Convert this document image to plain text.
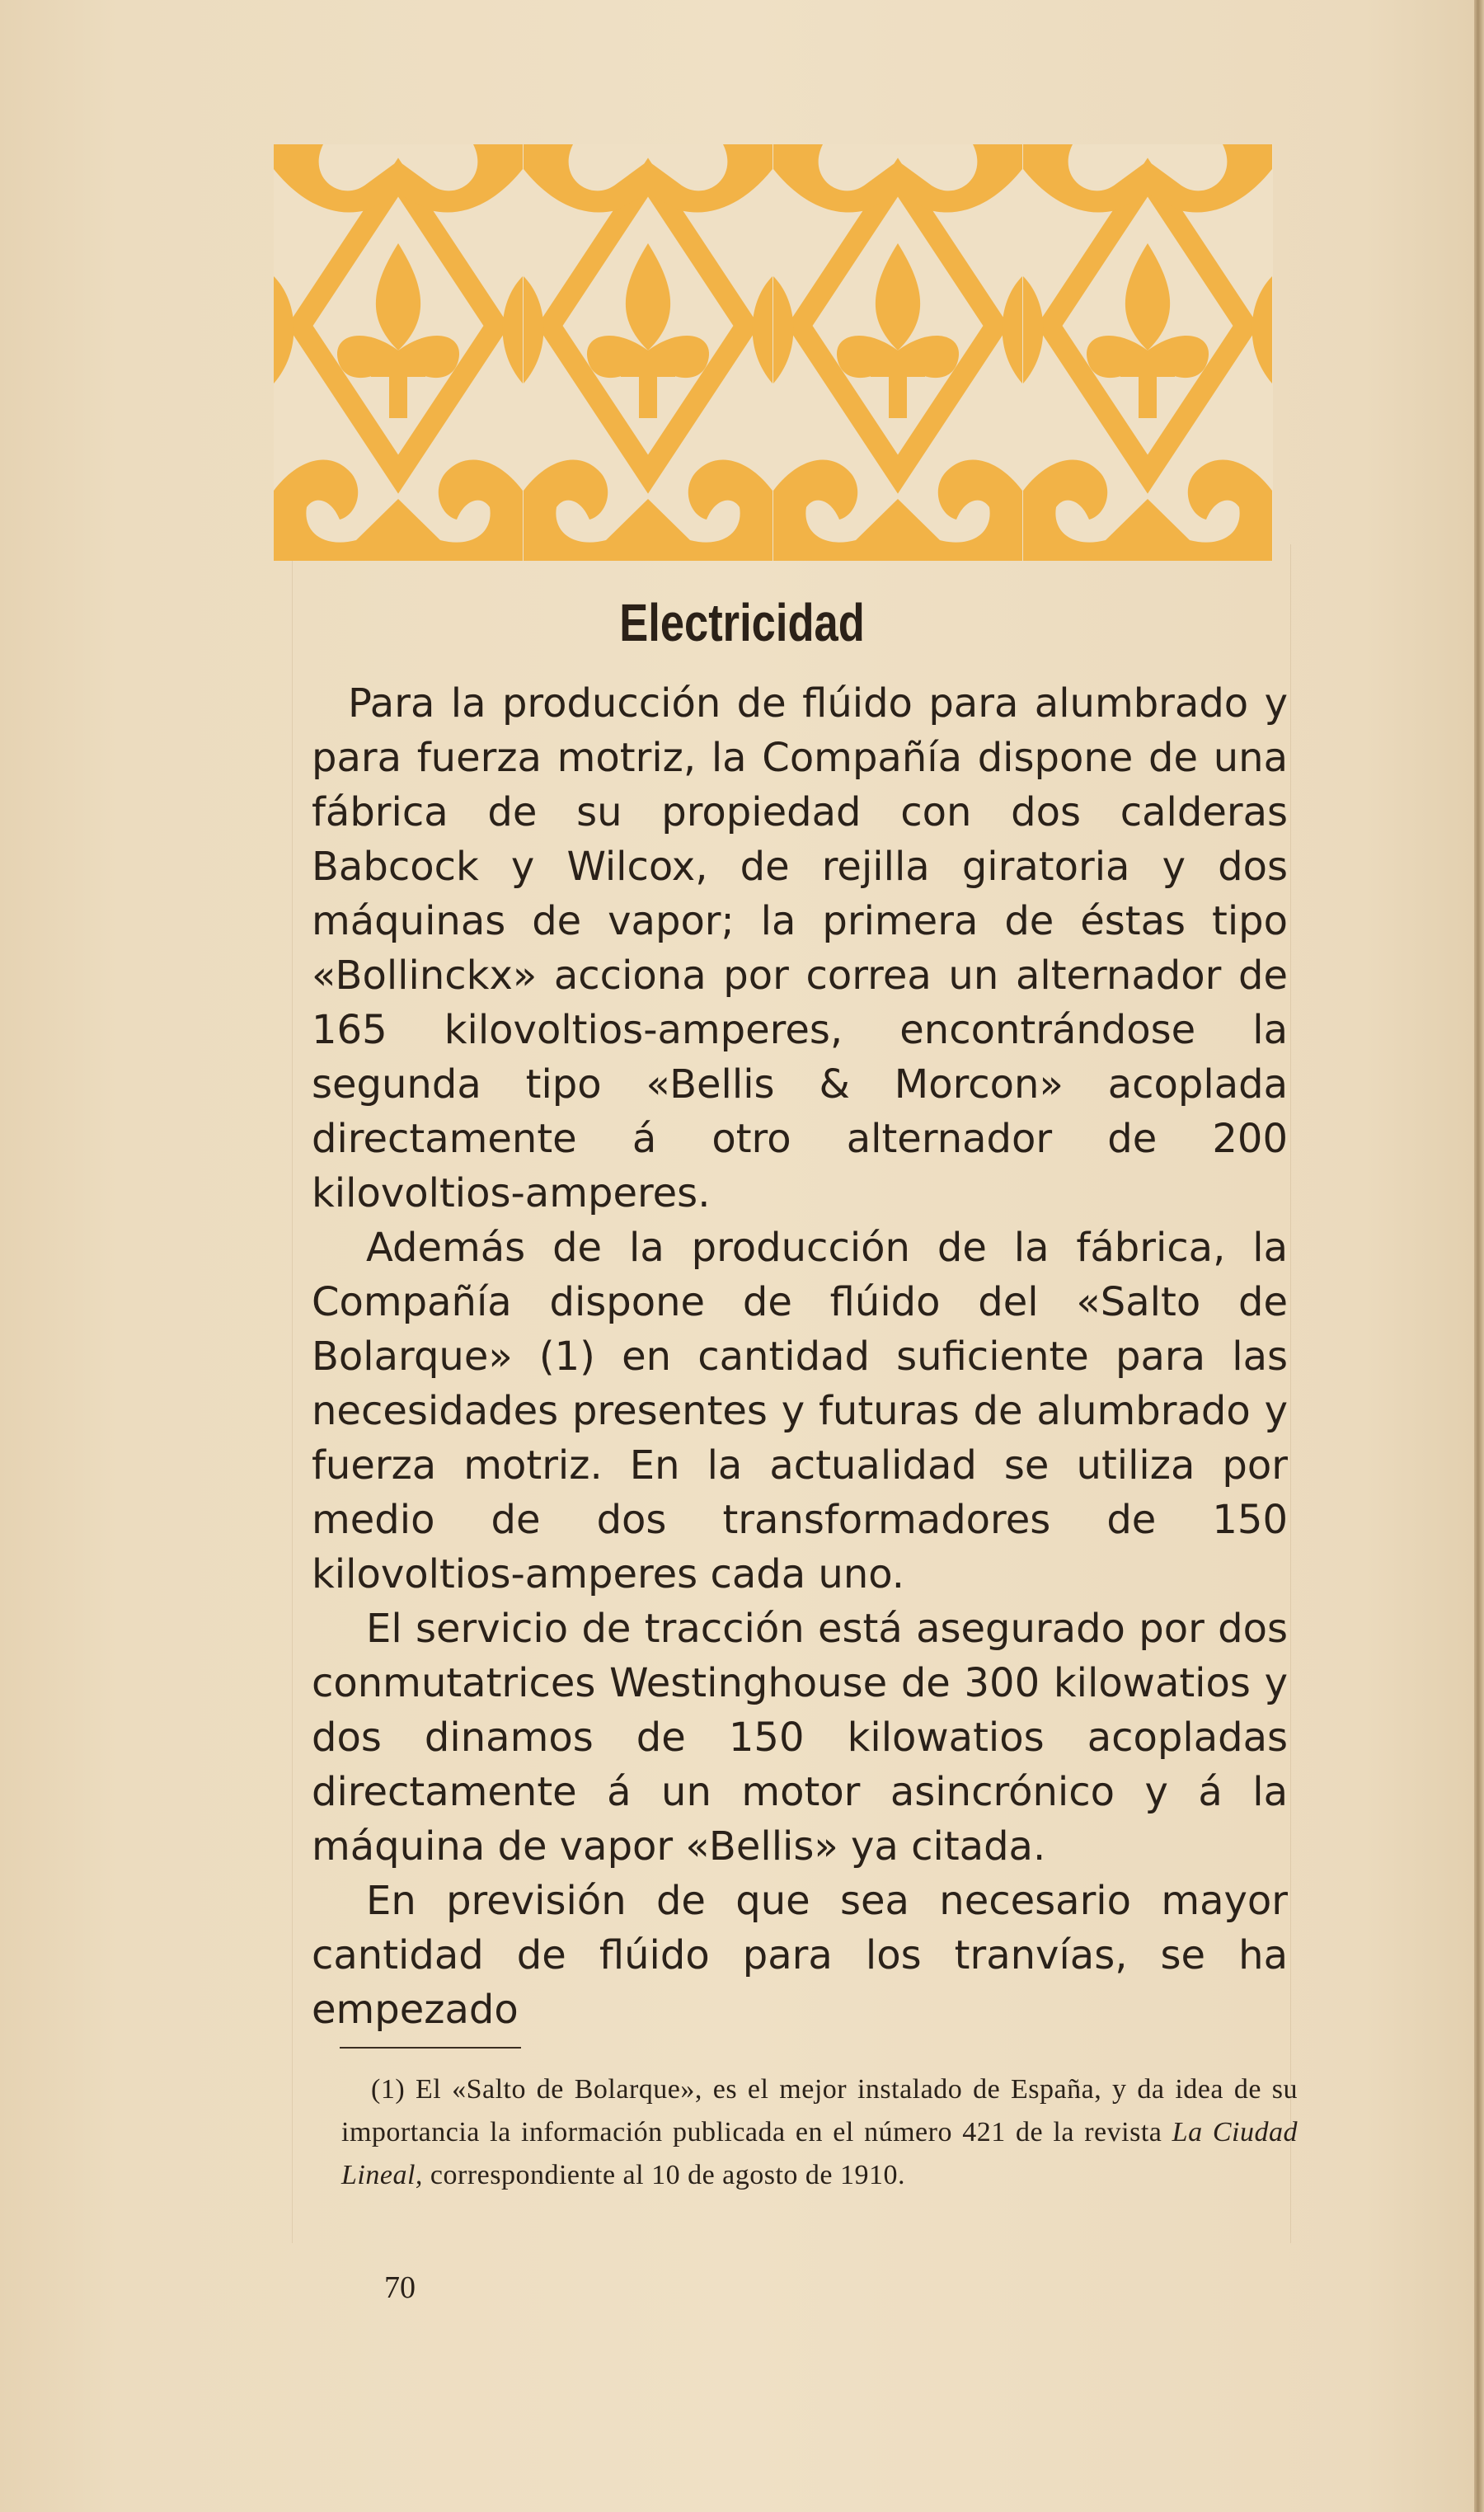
Electricidad

Para la producción de flúido para alumbrado y para fuerza motriz, la Compañía dispone de una fábrica de su propiedad con dos calderas Babcock y Wilcox, de rejilla giratoria y dos máquinas de vapor; la primera de éstas tipo «Bollinckx» acciona por correa un alternador de 165 kilovoltios-amperes, encontrándose la segunda tipo «Bellis & Morcon» acoplada directamente á otro alternador de 200 kilovoltios-amperes.

Además de la producción de la fábrica, la Compañía dispone de flúido del «Salto de Bolarque» (1) en cantidad suficiente para las necesidades presentes y futuras de alumbrado y fuerza motriz. En la actualidad se utiliza por medio de dos transformadores de 150 kilovoltios-amperes cada uno.

El servicio de tracción está asegurado por dos conmutatrices Westinghouse de 300 kilowatios y dos dinamos de 150 kilowatios acopladas directamente á un motor asincrónico y á la máquina de vapor «Bellis» ya citada.

En previsión de que sea necesario mayor cantidad de flúido para los tranvías, se ha empezado

(1) El «Salto de Bolarque», es el mejor instalado de España, y da idea de su importancia la información publicada en el número 421 de la revista La Ciudad Lineal, correspondiente al 10 de agosto de 1910.
70
